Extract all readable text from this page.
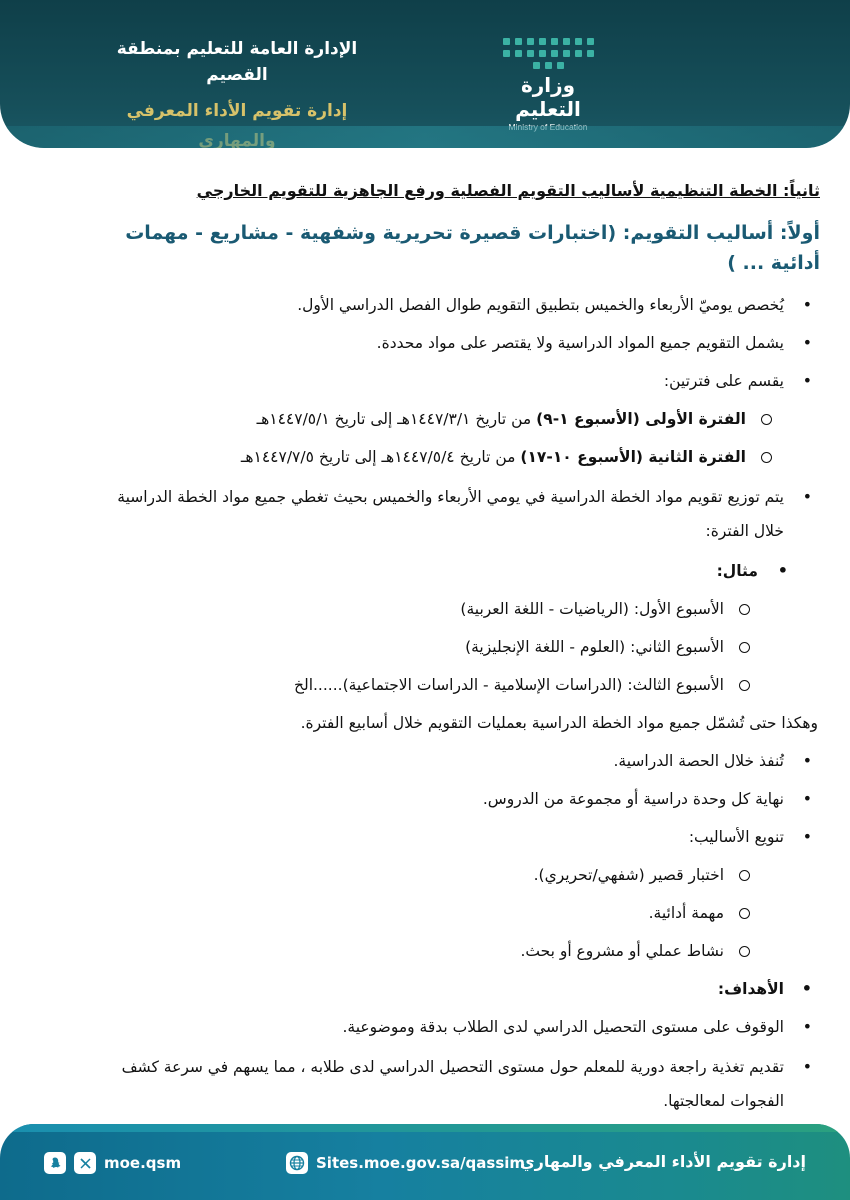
الإدارة العامة للتعليم بمنطقة القصيم
إدارة تقويم الأداء المعرفي
وزارة التعليم
ثانياً: الخطة التنظيمية لأساليب التقويم الفصلية ورفع الجاهزية للتقويم الخارجي
أولاً: أساليب التقويم: (اختبارات قصيرة تحريرية وشفهية - مشاريع - مهمات أدائية ... )
• يُخصص يوميّ الأربعاء والخميس بتطبيق التقويم طوال الفصل الدراسي الأول.
• يشمل التقويم جميع المواد الدراسية ولا يقتصر على مواد محددة.
• يقسم على فترتين:
الفترة الأولى (الأسبوع ١-٩) من تاريخ ١٤٤٧/٣/١هـ إلى تاريخ ١٤٤٧/٥/١هـ
الفترة الثانية (الأسبوع ١٠-١٧) من تاريخ ١٤٤٧/٥/٤هـ إلى تاريخ ١٤٤٧/٧/٥هـ
• يتم توزيع تقويم مواد الخطة الدراسية في يومي الأربعاء والخميس بحيث تغطي جميع مواد الخطة الدراسية خلال الفترة:
• مثال:
الأسبوع الأول: (الرياضيات - اللغة العربية)
الأسبوع الثاني: (العلوم - اللغة الإنجليزية)
الأسبوع الثالث: (الدراسات الإسلامية - الدراسات الاجتماعية)......الخ
وهكذا حتى تُشمّل جميع مواد الخطة الدراسية بعمليات التقويم خلال أسابيع الفترة.
• تُنفذ خلال الحصة الدراسية.
• نهاية كل وحدة دراسية أو مجموعة من الدروس.
• تنويع الأساليب:
اختبار قصير (شفهي/تحريري).
مهمة أدائية.
نشاط عملي أو مشروع أو بحث.
• الأهداف:
• الوقوف على مستوى التحصيل الدراسي لدى الطلاب بدقة وموضوعية.
• تقديم تغذية راجعة دورية للمعلم حول مستوى التحصيل الدراسي لدى طلابه ، مما يسهم في سرعة كشف الفجوات لمعالجتها.
إدارة تقويم الأداء المعرفي والمهاري
Sites.moe.gov.sa/qassim
moe.qsm
